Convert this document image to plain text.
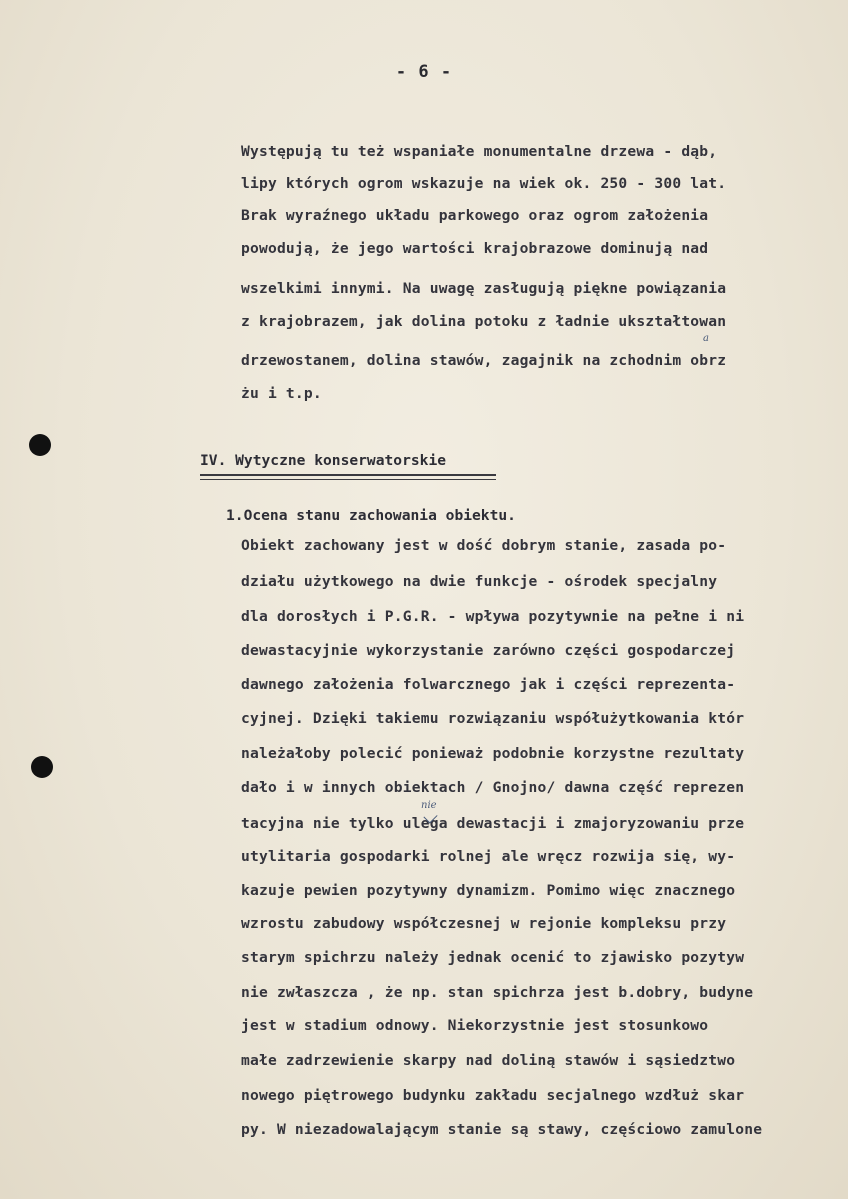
- 6 -
Występują tu też wspaniałe monumentalne drzewa - dąb,
lipy których ogrom wskazuje na wiek ok. 250 - 300 lat.
Brak wyraźnego układu parkowego oraz ogrom założenia
powodują, że jego wartości krajobrazowe dominują nad
wszelkimi innymi. Na uwagę zasługują piękne powiązania
z krajobrazem, jak dolina potoku z ładnie ukształtowan
drzewostanem, dolina stawów, zagajnik na zchodnim obrz
żu i t.p.
a
IV. Wytyczne konserwatorskie
1.Ocena stanu zachowania obiektu.
Obiekt zachowany jest w dość dobrym stanie, zasada po-
działu użytkowego na dwie funkcje - ośrodek specjalny
dla dorosłych i P.G.R. - wpływa pozytywnie na pełne i ni
dewastacyjnie wykorzystanie zarówno części gospodarczej
dawnego założenia folwarcznego jak i części reprezenta-
cyjnej. Dzięki takiemu rozwiązaniu współużytkowania któr
należałoby polecić ponieważ podobnie korzystne rezultaty
dało i w innych obiektach / Gnojno/ dawna część reprezen
tacyjna nie tylko ulega dewastacji i zmajoryzowaniu prze
utylitaria gospodarki rolnej ale wręcz rozwija się, wy-
kazuje pewien pozytywny dynamizm. Pomimo więc znacznego
wzrostu zabudowy współczesnej w rejonie kompleksu przy
starym spichrzu należy jednak ocenić to zjawisko pozytyw
nie zwłaszcza , że np. stan spichrza jest b.dobry, budyne
jest w stadium odnowy. Niekorzystnie jest stosunkowo
małe zadrzewienie skarpy nad doliną stawów i sąsiedztwo
nowego piętrowego budynku zakładu secjalnego wzdłuż skar
py. W niezadowalającym stanie są stawy, częściowo zamulone
nie
